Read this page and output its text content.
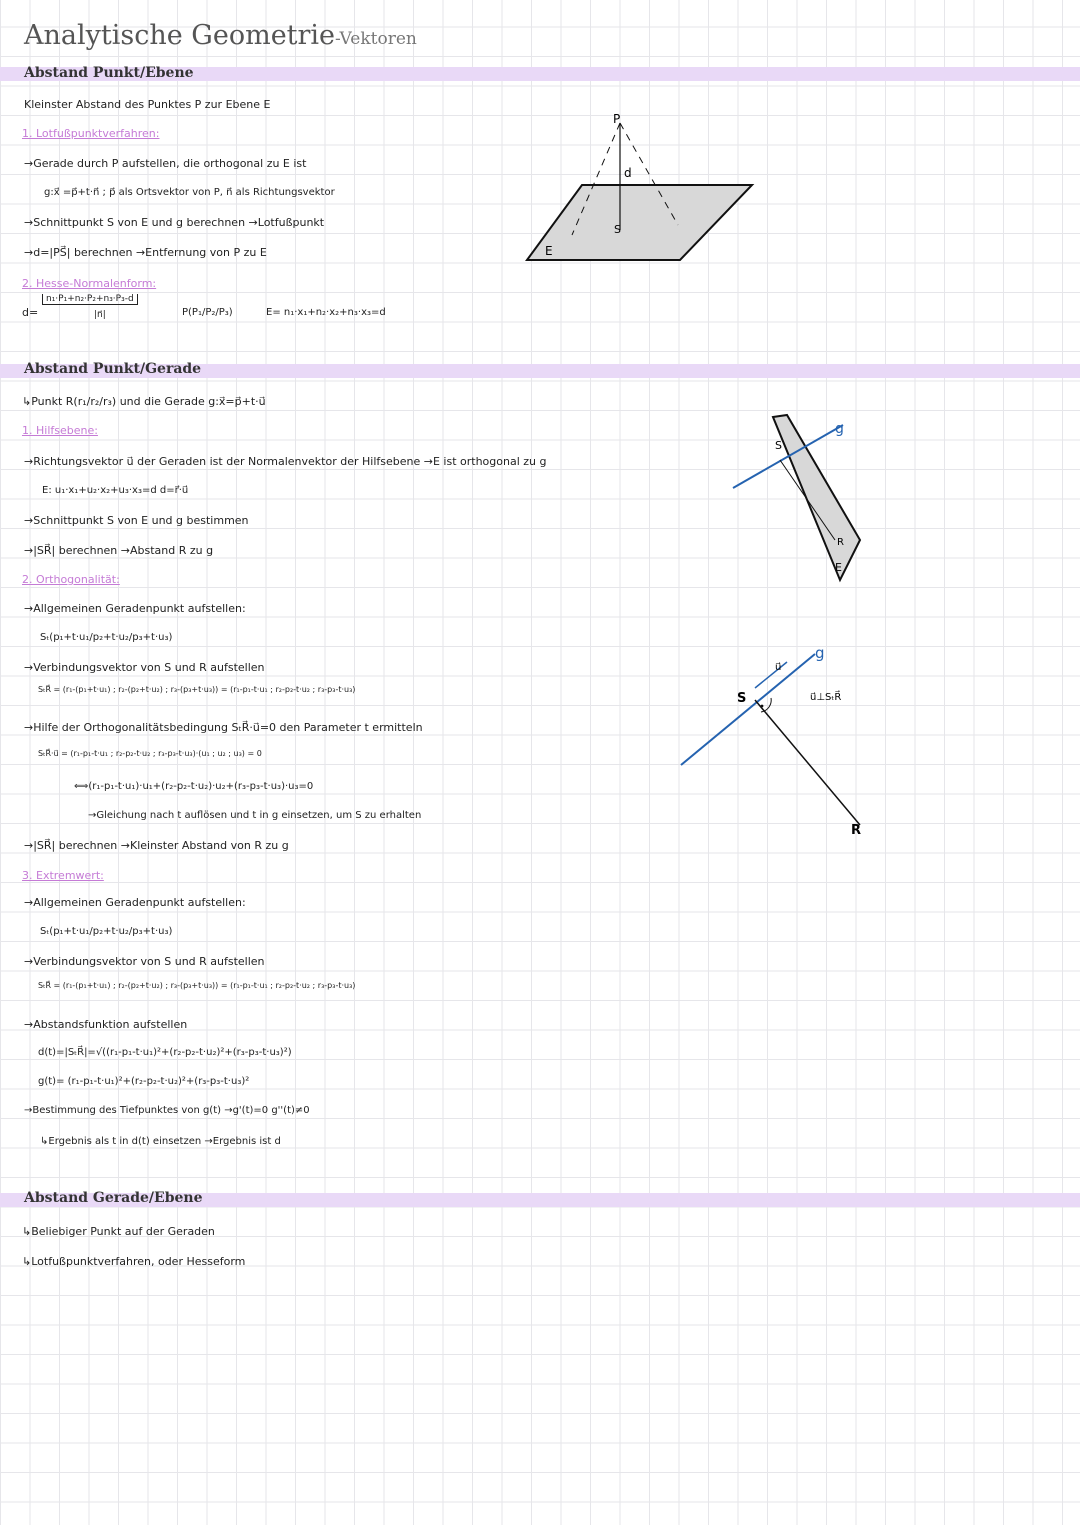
Analytische Geometrie-Vektoren
Abstand Punkt/Ebene
Kleinster Abstand des Punktes P zur Ebene E
1. Lotfußpunktverfahren:
→Gerade durch P aufstellen, die orthogonal zu E ist
g:x⃗ =p⃗+t·n⃗ ; p⃗ als Ortsvektor von P, n⃗ als Richtungsvektor
→Schnittpunkt S von E und g berechnen →Lotfußpunkt
→d=|PS⃗| berechnen →Entfernung von P zu E
2. Hesse-Normalenform:
d=
n₁·P₁+n₂·P₂+n₃·P₃-d
|n⃗|	P(P₁/P₂/P₃)	E= n₁·x₁+n₂·x₂+n₃·x₃=d
P
d
S
E
Abstand Punkt/Gerade
↳Punkt R(r₁/r₂/r₃) und die Gerade g:x⃗=p⃗+t·u⃗
1. Hilfsebene:
→Richtungsvektor u⃗ der Geraden ist der Normalenvektor der Hilfsebene →E ist orthogonal zu g
E: u₁·x₁+u₂·x₂+u₃·x₃=d d=r⃗·u⃗
→Schnittpunkt S von E und g bestimmen
→|SR⃗| berechnen →Abstand R zu g
2. Orthogonalität:
→Allgemeinen Geradenpunkt aufstellen:
Sₜ(p₁+t·u₁/p₂+t·u₂/p₃+t·u₃)
→Verbindungsvektor von S und R aufstellen
SₜR⃗ = (r₁-(p₁+t·u₁) ; r₂-(p₂+t·u₂) ; r₃-(p₃+t·u₃)) = (r₁-p₁-t·u₁ ; r₂-p₂-t·u₂ ; r₃-p₃-t·u₃)
→Hilfe der Orthogonalitätsbedingung SₜR⃗·u⃗=0 den Parameter t ermitteln
SₜR⃗·u⃗ = (r₁-p₁-t·u₁ ; r₂-p₂-t·u₂ ; r₃-p₃-t·u₃)·(u₁ ; u₂ ; u₃) = 0
⟺(r₁-p₁-t·u₁)·u₁+(r₂-p₂-t·u₂)·u₂+(r₃-p₃-t·u₃)·u₃=0
→Gleichung nach t auflösen und t in g einsetzen, um S zu erhalten
→|SR⃗| berechnen →Kleinster Abstand von R zu g
3. Extremwert:
→Allgemeinen Geradenpunkt aufstellen:
Sₜ(p₁+t·u₁/p₂+t·u₂/p₃+t·u₃)
→Verbindungsvektor von S und R aufstellen
SₜR⃗ = (r₁-(p₁+t·u₁) ; r₂-(p₂+t·u₂) ; r₃-(p₃+t·u₃)) = (r₁-p₁-t·u₁ ; r₂-p₂-t·u₂ ; r₃-p₃-t·u₃)
→Abstandsfunktion aufstellen
d(t)=|SₜR⃗|=√((r₁-p₁-t·u₁)²+(r₂-p₂-t·u₂)²+(r₃-p₃-t·u₃)²)
g(t)= (r₁-p₁-t·u₁)²+(r₂-p₂-t·u₂)²+(r₃-p₃-t·u₃)²
→Bestimmung des Tiefpunktes von g(t) →g'(t)=0 g''(t)≠0
↳Ergebnis als t in d(t) einsetzen →Ergebnis ist d
g
S
R
E
g
u⃗
S
R
u⃗⊥SₜR⃗
Abstand Gerade/Ebene
↳Beliebiger Punkt auf der Geraden
↳Lotfußpunktverfahren, oder Hesseform
